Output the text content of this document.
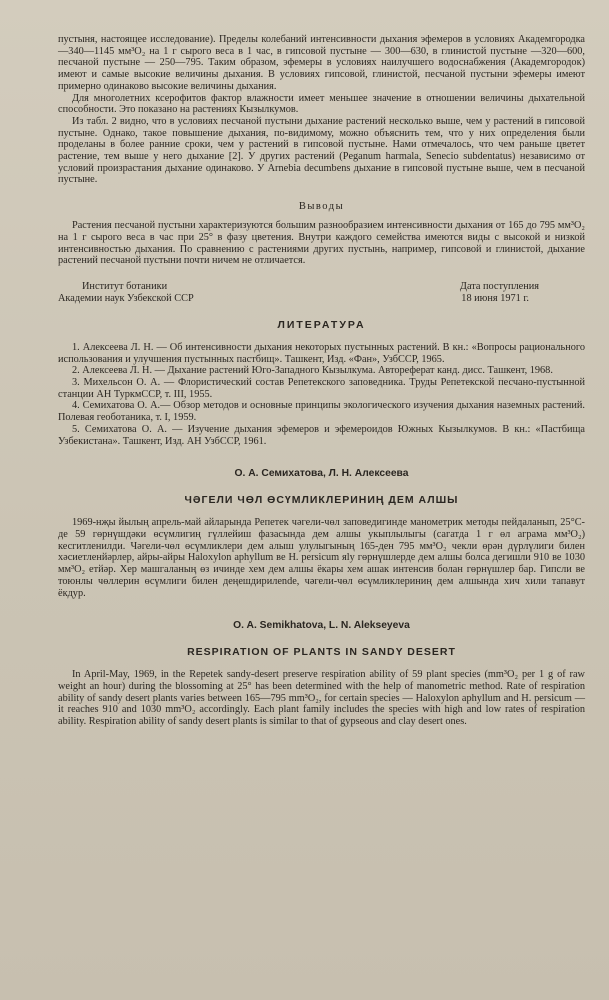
пустыня, настоящее исследование). Пределы колебаний интенсивности дыхания эфемеров в условиях Академгородка—340—1145 мм³O₂ на 1 г сырого веса в 1 час, в гипсовой пустыне — 300—630, в глинистой пустыне —320—600, песчаной пустыне — 250—795. Таким образом, эфемеры в условиях наилучшего водоснабжения (Академгородок) имеют и самые высокие величины дыхания. В условиях гипсовой, глинистой, песчаной пустыни эфемеры имеют примерно одинаково высокие величины дыхания.

Для многолетних ксерофитов фактор влажности имеет меньшее значение в отношении величины дыхательной способности. Это показано на растениях Кызылкумов.

Из табл. 2 видно, что в условиях песчаной пустыни дыхание растений несколько выше, чем у растений в гипсовой пустыне. Однако, такое повышение дыхания, по-видимому, можно объяснить тем, что у них определения были проделаны в более ранние сроки, чем у растений в гипсовой пустыне. Нами отмечалось, что чем раньше цветет растение, тем выше у него дыхание [2]. У других растений (Peganum harmala, Senecio subdentatus) независимо от условий произрастания дыхание одинаково. У Arnebia decumbens дыхание в гипсовой пустыне выше, чем в песчаной пустыне.

Выводы

Растения песчаной пустыни характеризуются большим разнообразием интенсивности дыхания от 165 до 795 мм³O₂ на 1 г сырого веса в час при 25° в фазу цветения. Внутри каждого семейства имеются виды с высокой и низкой интенсивностью дыхания. По сравнению с растениями других пустынь, например, гипсовой и глинистой, дыхание растений песчаной пустыни почти ничем не отличается.

Институт ботаники
Академии наук Узбекской ССР
Дата поступления
18 июня 1971 г.
ЛИТЕРАТУРА

1. Алексеева Л. Н. — Об интенсивности дыхания некоторых пустынных растений. В кн.: «Вопросы рационального использования и улучшения пустынных пастбищ». Ташкент, Изд. «Фан», УзбССР, 1965.

2. Алексеева Л. Н. — Дыхание растений Юго-Западного Кызылкума. Автореферат канд. дисс. Ташкент, 1968.

3. Михельсон О. А. — Флористический состав Репетекского заповедника. Труды Репетекской песчано-пустынной станции АН ТуркмССР, т. III, 1955.

4. Семихатова О. А.— Обзор методов и основные принципы экологического изучения дыхания наземных растений. Полевая геоботаника, т. I, 1959.

5. Семихатова О. А. — Изучение дыхания эфемеров и эфемероидов Южных Кызылкумов. В кн.: «Пастбища Узбекистана». Ташкент, Изд. АН УзбССР, 1961.

О. А. Семихатова, Л. Н. Алексеева
ЧӘГЕЛИ ЧӨЛ ӨСҮМЛИКЛЕРИНИҢ ДЕМ АЛШЫ

1969-нҗы йылың апрель-май айларында Репетек чәгели-чөл заповедигинде манометрик методы пейдаланып, 25°С-де 59 гөрнүшдәки өсүмлигиң гүллейиш фазасында дем алшы укыплылыгы (сагатда 1 г өл аграма мм³O₂) кесгитленилди. Чәгели-чөл өсүмликлери дем алыш улулыгының 165-ден 795 мм³O₂ чекли өрән дүрлүлиги билен хәсиетленйәрлер, айры-айры Haloxylon aphyllum ве H. persicum яly гөрнүшлерде дем алшы болса дегишли 910 ве 1030 мм³O₂ етйәр. Хер машгаланың өз ичинде хем дем алшы ёкары хем ашак интенсив болан гөрнүшлер бар. Гипсли ве тоюнлы чөллерин өсүмлиги билен деңешдирилende, чәгели-чөл өсүмликлериниң дем алшында хич хили тапавут ёкдур.

O. A. Semikhatova, L. N. Alekseyeva
RESPIRATION OF PLANTS IN SANDY DESERT

In April-May, 1969, in the Repetek sandy-desert preserve respiration ability of 59 plant species (mm³O₂ per 1 g of raw weight an hour) during the blossoming at 25° has been determined with the help of manometric method. Rate of respiration ability of sandy desert plants varies between 165—795 mm³O₂, for certain species — Haloxylon aphyllum and H. persicum — it reaches 910 and 1030 mm³O₂ accordingly. Each plant family includes the species with high and low rates of respiration ability. Respiration ability of sandy desert plants is similar to that of gypseous and clay desert ones.
